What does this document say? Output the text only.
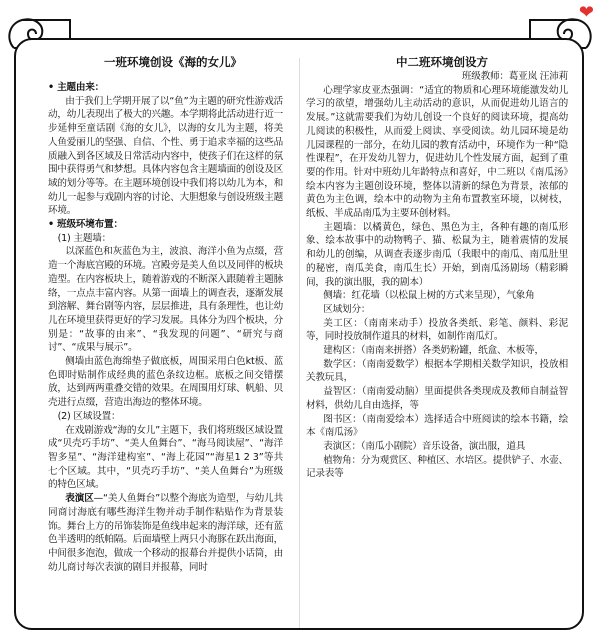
❤
一班环境创设《海的女儿》	中二班环境创设方

• 主题由来：

由于我们上学期开展了以“鱼”为主题的研究性游戏活动，幼儿表现出了极大的兴趣。本学期将此活动进行近一步延伸至童话剧《海的女儿》，以海的女儿为主题，将美人鱼爱丽儿的坚强、自信、个性、勇于追求幸福的这些品质融入到各区域及日常活动内容中，使孩子们在这样的氛围中获得勇气和梦想。具体内容包含主题墙面的创设及区域的划分等等。在主题环境创设中我们将以幼儿为本，和幼儿一起参与戏剧内容的讨论、大胆想象与创设班级主题环境。

• 班级环境布置：

(1) 主题墙：

以深蓝色和灰蓝色为主，波浪、海洋小鱼为点缀，营造一个海底宫殿的环境。宫殿旁是美人鱼以及同伴的板块造型。在内容板块上，随着游戏的不断深入跟随着主题脉络，一点点丰富内容。从第一面墙上的调查表，逐渐发展到溶解、舞台剧等内容，层层推进，具有条理性，也让幼儿在环境里获得更好的学习发展。具体分为四个板块，分别是：“故事的由来”、“我发现的问题”、“研究与商讨”、“成果与展示”。

侧墙由蓝色海绵垫子做底板，周围采用白色kt板、蓝色即时贴制作成经典的蓝色条纹边框。底板之间交错摆放，达到两两重叠交错的效果。在周围用灯球、帆船、贝壳进行点缀，营造出海边的整体环境。

(2) 区域设置：

在戏剧游戏“海的女儿”主题下，我们将班级区域设置成“贝壳巧手坊”、“美人鱼舞台”、“海马阅读屋”、“海洋智多星”、“海洋建构室”、“海上花园”“海星1 2 3”等共七个区域。其中，“贝壳巧手坊”、“美人鱼舞台”为班级的特色区域。

表演区—“美人鱼舞台”以整个海底为造型，与幼儿共同商讨海底有哪些海洋生物并动手制作粘贴作为背景装饰。舞台上方的吊饰装饰是鱼线串起来的海洋球，还有蓝色半透明的纸帕隔。后面墙壁上两只小海豚在跃出海面，中间很多泡泡，做成一个移动的报幕台并提供小话筒，由幼儿商讨每次表演的剧目并报幕，同时

班级教师：葛亚岚 汪沛莉

心理学家皮亚杰强调：“适宜的物质和心理环境能激发幼儿学习的欲望，增强幼儿主动活动的意识，从而促进幼儿语言的发展。”这就需要我们为幼儿创设一个良好的阅读环境，提高幼儿阅读的积极性，从而爱上阅读、享受阅读。幼儿园环境是幼儿园课程的一部分，在幼儿园的教育活动中，环境作为一种“隐性课程”，在开发幼儿智力，促进幼儿个性发展方面，起到了重要的作用。针对中班幼儿年龄特点和喜好，中二班以《南瓜汤》绘本内容为主题创设环境，整体以清新的绿色为背景，浓郁的黄色为主色调，绘本中的动物为主角布置教室环境，以树枝，纸板、半成品南瓜为主要环创材料。

主题墙：以橘黄色，绿色、黑色为主，各种有趣的南瓜形象、绘本故事中的动物鸭子、猫、松鼠为主，随着震情的发展和幼儿的创编，从调查表逐步南瓜（我眼中的南瓜、南瓜肚里的秘密，南瓜美食，南瓜生长）开始，到南瓜汤剧场（精彩瞬间，我的演出服，我的剧本）

侧墙：红花墙（以松鼠上树的方式来呈现），气象角

区域划分：

美工区：（南南来动手）投放各类纸、彩笔、颜料、彩泥等，同时投放制作道具的材料，如制作南瓜灯。

建构区：（南南来拼搭）各类奶粉罐，纸盒、木板等，

数学区：（南南爱数学）根据本学期相关数学知识，投放相关教玩具，

益智区：（南南爱动脑）里面提供各类现成及教师自制益智材料，供幼儿自由选择，等

图书区：（南南爱绘本）选择适合中班阅读的绘本书籍，绘本《南瓜汤》

表演区：（南瓜小剧院）音乐设备，演出服，道具

植物角：分为观赏区、种植区、水培区。提供铲子、水壶、记录表等
